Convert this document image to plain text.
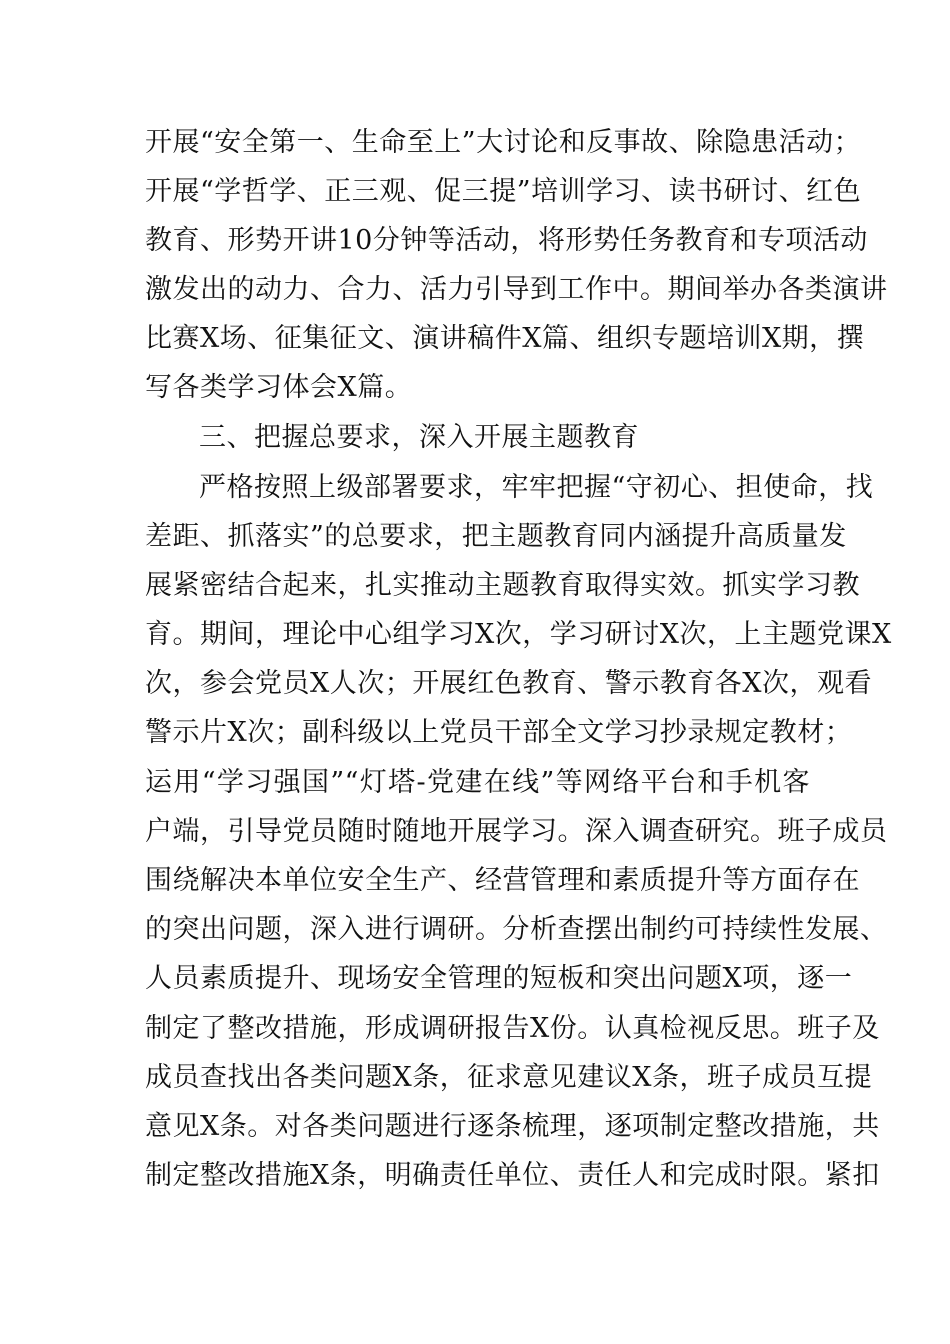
开展“安全第一、生命至上”大讨论和反事故、除隐患活动；
开展“学哲学、正三观、促三提”培训学习、读书研讨、红色
教育、形势开讲10分钟等活动，将形势任务教育和专项活动
激发出的动力、合力、活力引导到工作中。期间举办各类演讲
比赛X场、征集征文、演讲稿件X篇、组织专题培训X期，撰
写各类学习体会X篇。
三、把握总要求，深入开展主题教育
严格按照上级部署要求，牢牢把握“守初心、担使命，找
差距、抓落实”的总要求，把主题教育同内涵提升高质量发
展紧密结合起来，扎实推动主题教育取得实效。抓实学习教
育。期间，理论中心组学习X次，学习研讨X次，上主题党课X
次，参会党员X人次；开展红色教育、警示教育各X次，观看
警示片X次；副科级以上党员干部全文学习抄录规定教材；
运用“学习强国”“灯塔-党建在线”等网络平台和手机客
户端，引导党员随时随地开展学习。深入调查研究。班子成员
围绕解决本单位安全生产、经营管理和素质提升等方面存在
的突出问题，深入进行调研。分析查摆出制约可持续性发展、
人员素质提升、现场安全管理的短板和突出问题X项，逐一
制定了整改措施，形成调研报告X份。认真检视反思。班子及
成员查找出各类问题X条，征求意见建议X条，班子成员互提
意见X条。对各类问题进行逐条梳理，逐项制定整改措施，共
制定整改措施X条，明确责任单位、责任人和完成时限。紧扣
